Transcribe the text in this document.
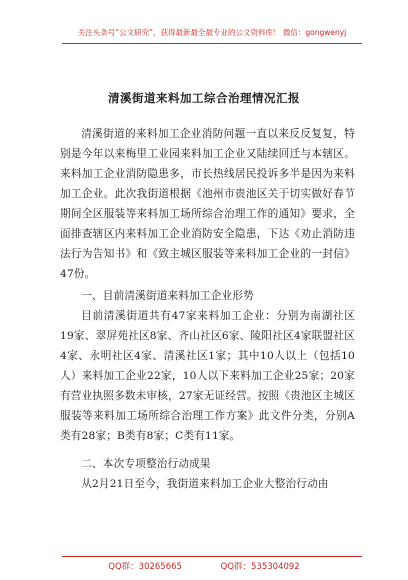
关注头条号“公文研究”，获得最新最全最专业的公文资料库！ 微信：gongwenyj
清溪街道来料加工综合治理情况汇报

清溪街道的来料加工企业消防问题一直以来反反复复，特别是今年以来梅里工业园来料加工企业又陆续回迁与本辖区。来料加工企业消防隐患多，市长热线居民投诉多半是因为来料加工企业。此次我街道根据《池州市贵池区关于切实做好春节期间全区服装等来料加工场所综合治理工作的通知》要求，全面排查辖区内来料加工企业消防安全隐患，下达《劝止消防违法行为告知书》和《致主城区服装等来料加工企业的一封信》47份。

一、目前清溪街道来料加工企业形势

目前清溪街道共有47家来料加工企业：分别为南湖社区19家、翠屏苑社区8家、齐山社区6家、陵阳社区4家联盟社区4家、永明社区4家、清溪社区1家；其中10人以上（包括10人）来料加工企业22家，10人以下来料加工企业25家；20家有营业执照多数未审核，27家无证经营。按照《贵池区主城区服装等来料加工场所综合治理工作方案》此文件分类，分别A类有28家；B类有8家；C类有11家。

二、本次专项整治行动成果

从2月21日至今，我街道来料加工企业大整治行动由

QQ群：30265665	QQ群：535304092
